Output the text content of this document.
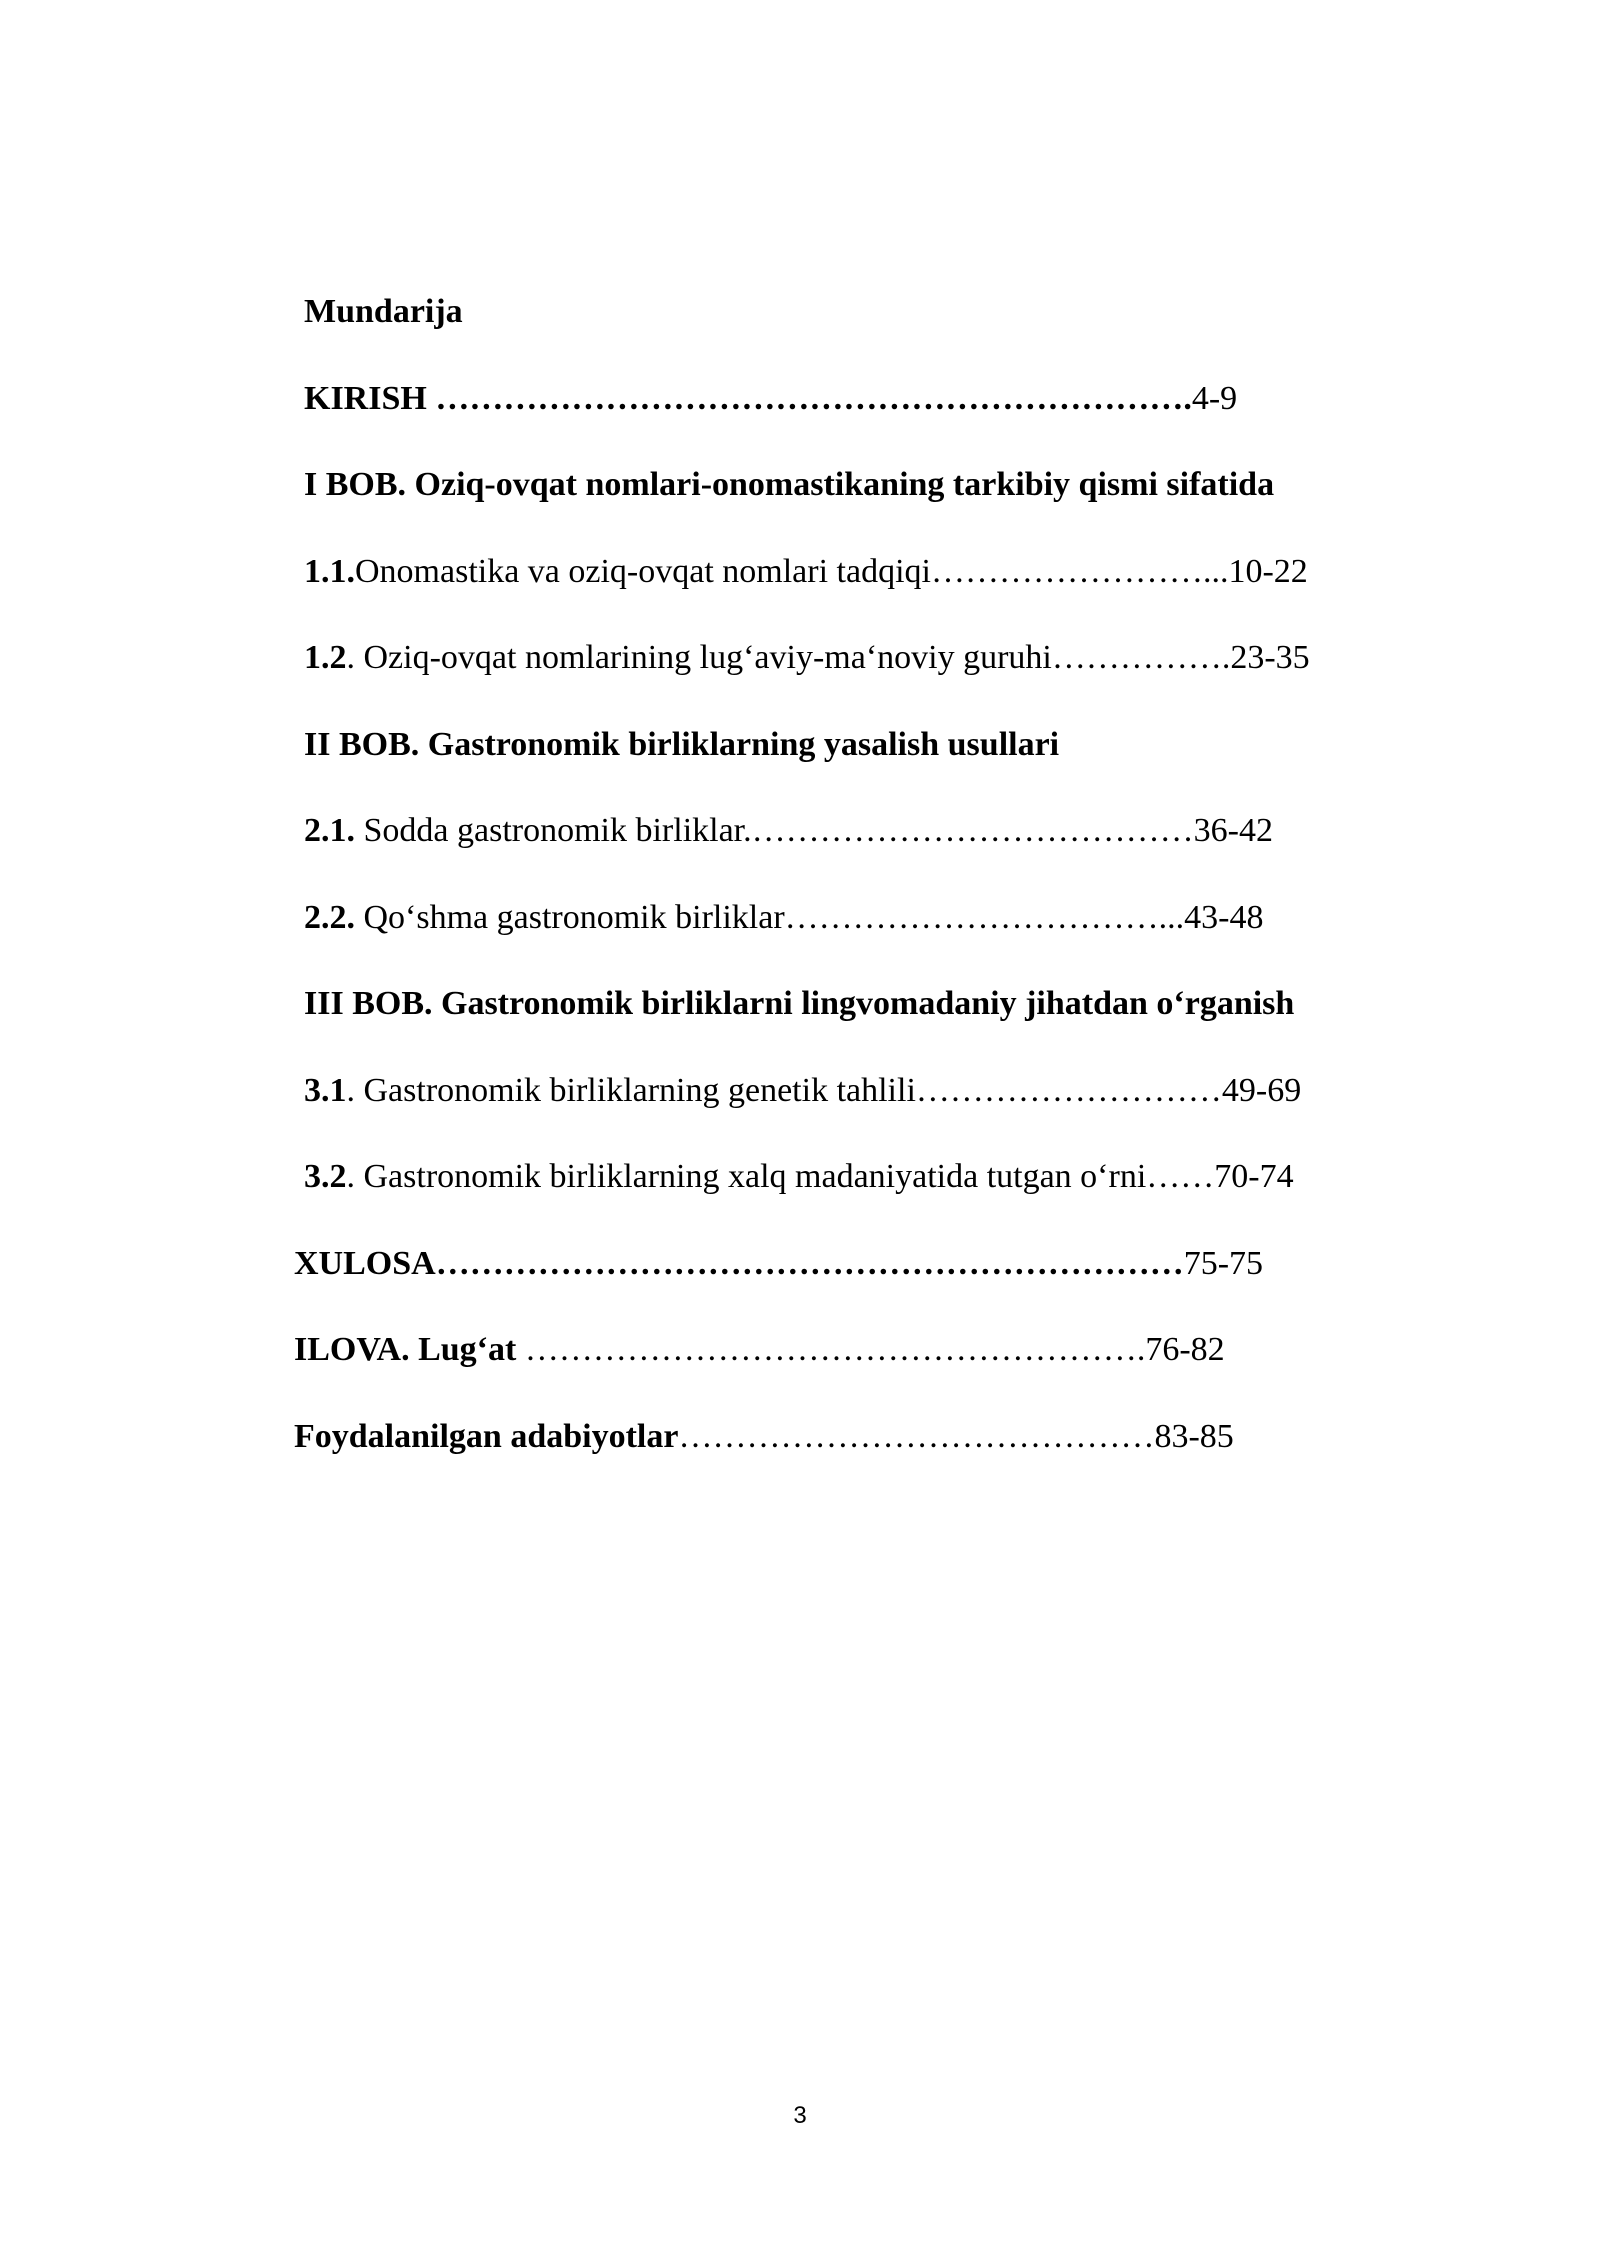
Mundarija
KIRISH ………………………………………………………….4-9
I BOB. Oziq-ovqat nomlari-onomastikaning tarkibiy qismi sifatida
1.1.Onomastika va oziq-ovqat nomlari tadqiqi……………………...10-22
1.2. Oziq-ovqat nomlarining lug‘aviy-ma‘noviy guruhi…………….23-35
II BOB. Gastronomik birliklarning yasalish usullari
2.1. Sodda gastronomik birliklar.…………………………………36-42
2.2. Qo‘shma gastronomik birliklar……………………………...43-48
III BOB. Gastronomik birliklarni lingvomadaniy jihatdan o‘rganish
3.1. Gastronomik birliklarning genetik tahlili………………………49-69
3.2. Gastronomik birliklarning xalq madaniyatida tutgan o‘rni……70-74
XULOSA…………………………………………………………75-75
ILOVA. Lug‘at ……………………………………………….76-82
Foydalanilgan adabiyotlar……………………………………83-85
3
